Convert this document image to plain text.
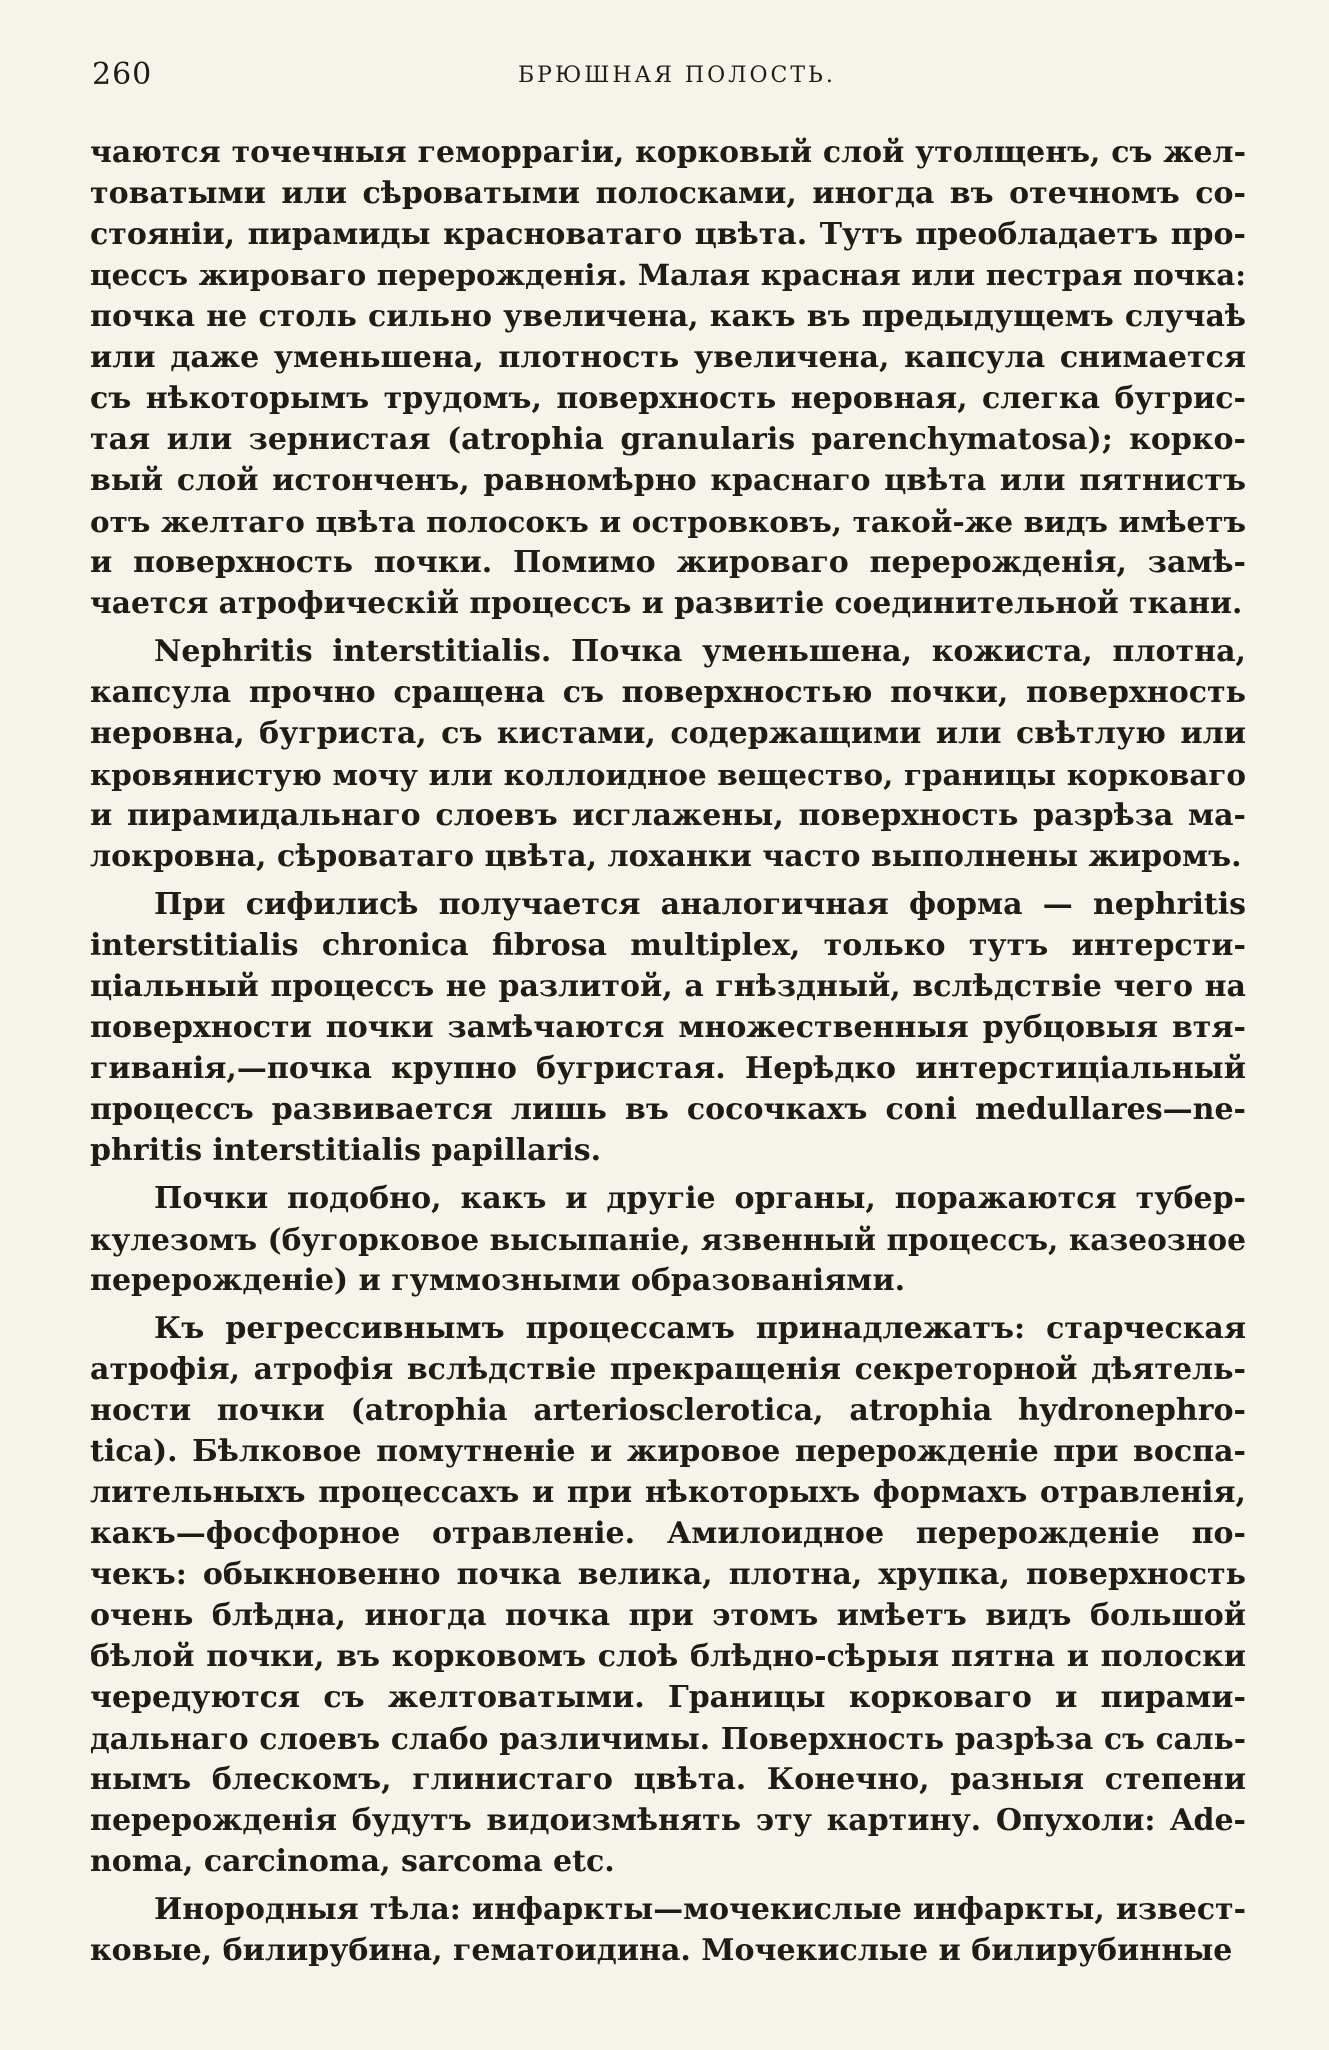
260	БРЮШНАЯ ПОЛОСТЬ.
чаются точечныя геморрагіи, корковый слой утолщенъ, съ жел-
товатыми или сѣроватыми полосками, иногда въ отечномъ со-
стояніи, пирамиды красноватаго цвѣта. Тутъ преобладаетъ про-
цессъ жироваго перерожденія. Малая красная или пестрая почка:
почка не столь сильно увеличена, какъ въ предыдущемъ случаѣ
или даже уменьшена, плотность увеличена, капсула снимается
съ нѣкоторымъ трудомъ, поверхность неровная, слегка бугрис-
тая или зернистая (atrophia granularis parenchymatosa); корко-
вый слой истонченъ, равномѣрно краснаго цвѣта или пятнистъ
отъ желтаго цвѣта полосокъ и островковъ, такой-же видъ имѣетъ
и поверхность почки. Помимо жироваго перерожденія, замѣ-
чается атрофическій процессъ и развитіе соединительной ткани.
Nephritis interstitialis. Почка уменьшена, кожиста, плотна,
капсула прочно сращена съ поверхностью почки, поверхность
неровна, бугриста, съ кистами, содержащими или свѣтлую или
кровянистую мочу или коллоидное вещество, границы корковаго
и пирамидальнаго слоевъ исглажены, поверхность разрѣза ма-
локровна, сѣроватаго цвѣта, лоханки часто выполнены жиромъ.
При сифилисѣ получается аналогичная форма — nephritis
interstitialis chronica fibrosa multiplex, только тутъ интерсти-
ціальный процессъ не разлитой, а гнѣздный, вслѣдствіе чего на
поверхности почки замѣчаются множественныя рубцовыя втя-
гиванія,—почка крупно бугристая. Нерѣдко интерстиціальный
процессъ развивается лишь въ сосочкахъ coni medullares—ne-
phritis interstitialis papillaris.
Почки подобно, какъ и другіе органы, поражаются тубер-
кулезомъ (бугорковое высыпаніе, язвенный процессъ, казеозное
перерожденіе) и гуммозными образованіями.
Къ регрессивнымъ процессамъ принадлежатъ: старческая
атрофія, атрофія вслѣдствіе прекращенія секреторной дѣятель-
ности почки (atrophia arteriosclerotica, atrophia hydronephro-
tica). Бѣлковое помутненіе и жировое перерожденіе при воспа-
лительныхъ процессахъ и при нѣкоторыхъ формахъ отравленія,
какъ—фосфорное отравленіе. Амилоидное перерожденіе по-
чекъ: обыкновенно почка велика, плотна, хрупка, поверхность
очень блѣдна, иногда почка при этомъ имѣетъ видъ большой
бѣлой почки, въ корковомъ слоѣ блѣдно-сѣрыя пятна и полоски
чередуются съ желтоватыми. Границы корковаго и пирами-
дальнаго слоевъ слабо различимы. Поверхность разрѣза съ саль-
нымъ блескомъ, глинистаго цвѣта. Конечно, разныя степени
перерожденія будутъ видоизмѣнять эту картину. Опухоли: Ade-
noma, carcinoma, sarcoma etc.
Инородныя тѣла: инфаркты—мочекислые инфаркты, извест-
ковые, билирубина, гематоидина. Мочекислые и билирубинные
